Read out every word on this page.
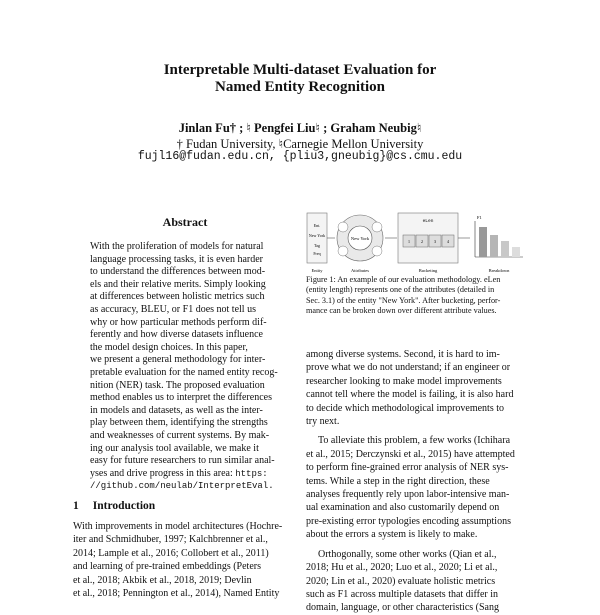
Interpretable Multi-dataset Evaluation for
Named Entity Recognition
Jinlan Fu† ; ♮ Pengfei Liu♮ ; Graham Neubig♮
† Fudan University, ♮Carnegie Mellon University
fujl16@fudan.edu.cn, {pliu3,gneubig}@cs.cmu.edu
Abstract

With the proliferation of models for natural

language processing tasks, it is even harder

to understand the differences between mod-

els and their relative merits. Simply looking

at differences between holistic metrics such

as accuracy, BLEU, or F1 does not tell us

why or how particular methods perform dif-

ferently and how diverse datasets influence

the model design choices. In this paper,

we present a general methodology for inter-

pretable evaluation for the named entity recog-

nition (NER) task. The proposed evaluation

method enables us to interpret the differences

in models and datasets, as well as the inter-

play between them, identifying the strengths

and weaknesses of current systems. By mak-

ing our analysis tool available, we make it

easy for future researchers to run similar anal-

yses and drive progress in this area: https:

//github.com/neulab/InterpretEval.

1 Introduction

With improvements in model architectures (Hochre-

iter and Schmidhuber, 1997; Kalchbrenner et al.,

2014; Lample et al., 2016; Collobert et al., 2011)

and learning of pre-trained embeddings (Peters

et al., 2018; Akbik et al., 2018, 2019; Devlin

et al., 2018; Pennington et al., 2014), Named Entity

Ent.
New York
Tag
New York
eLen
1	2	3	4
F1
Entity	Attributes	Bucketing	Breakdown
Freq

Figure 1: An example of our evaluation methodology. eLen

(entity length) represents one of the attributes (detailed in

Sec. 3.1) of the entity "New York". After bucketing, perfor-

mance can be broken down over different attribute values.

among diverse systems. Second, it is hard to im-

prove what we do not understand; if an engineer or

researcher looking to make model improvements

cannot tell where the model is failing, it is also hard

to decide which methodological improvements to

try next.

To alleviate this problem, a few works (Ichihara

et al., 2015; Derczynski et al., 2015) have attempted

to perform fine-grained error analysis of NER sys-

tems. While a step in the right direction, these

analyses frequently rely upon labor-intensive man-

ual examination and also customarily depend on

pre-existing error typologies encoding assumptions

about the errors a system is likely to make.

Orthogonally, some other works (Qian et al.,

2018; Hu et al., 2020; Luo et al., 2020; Li et al.,

2020; Lin et al., 2020) evaluate holistic metrics

such as F1 across multiple datasets that differ in

domain, language, or other characteristics (Sang
